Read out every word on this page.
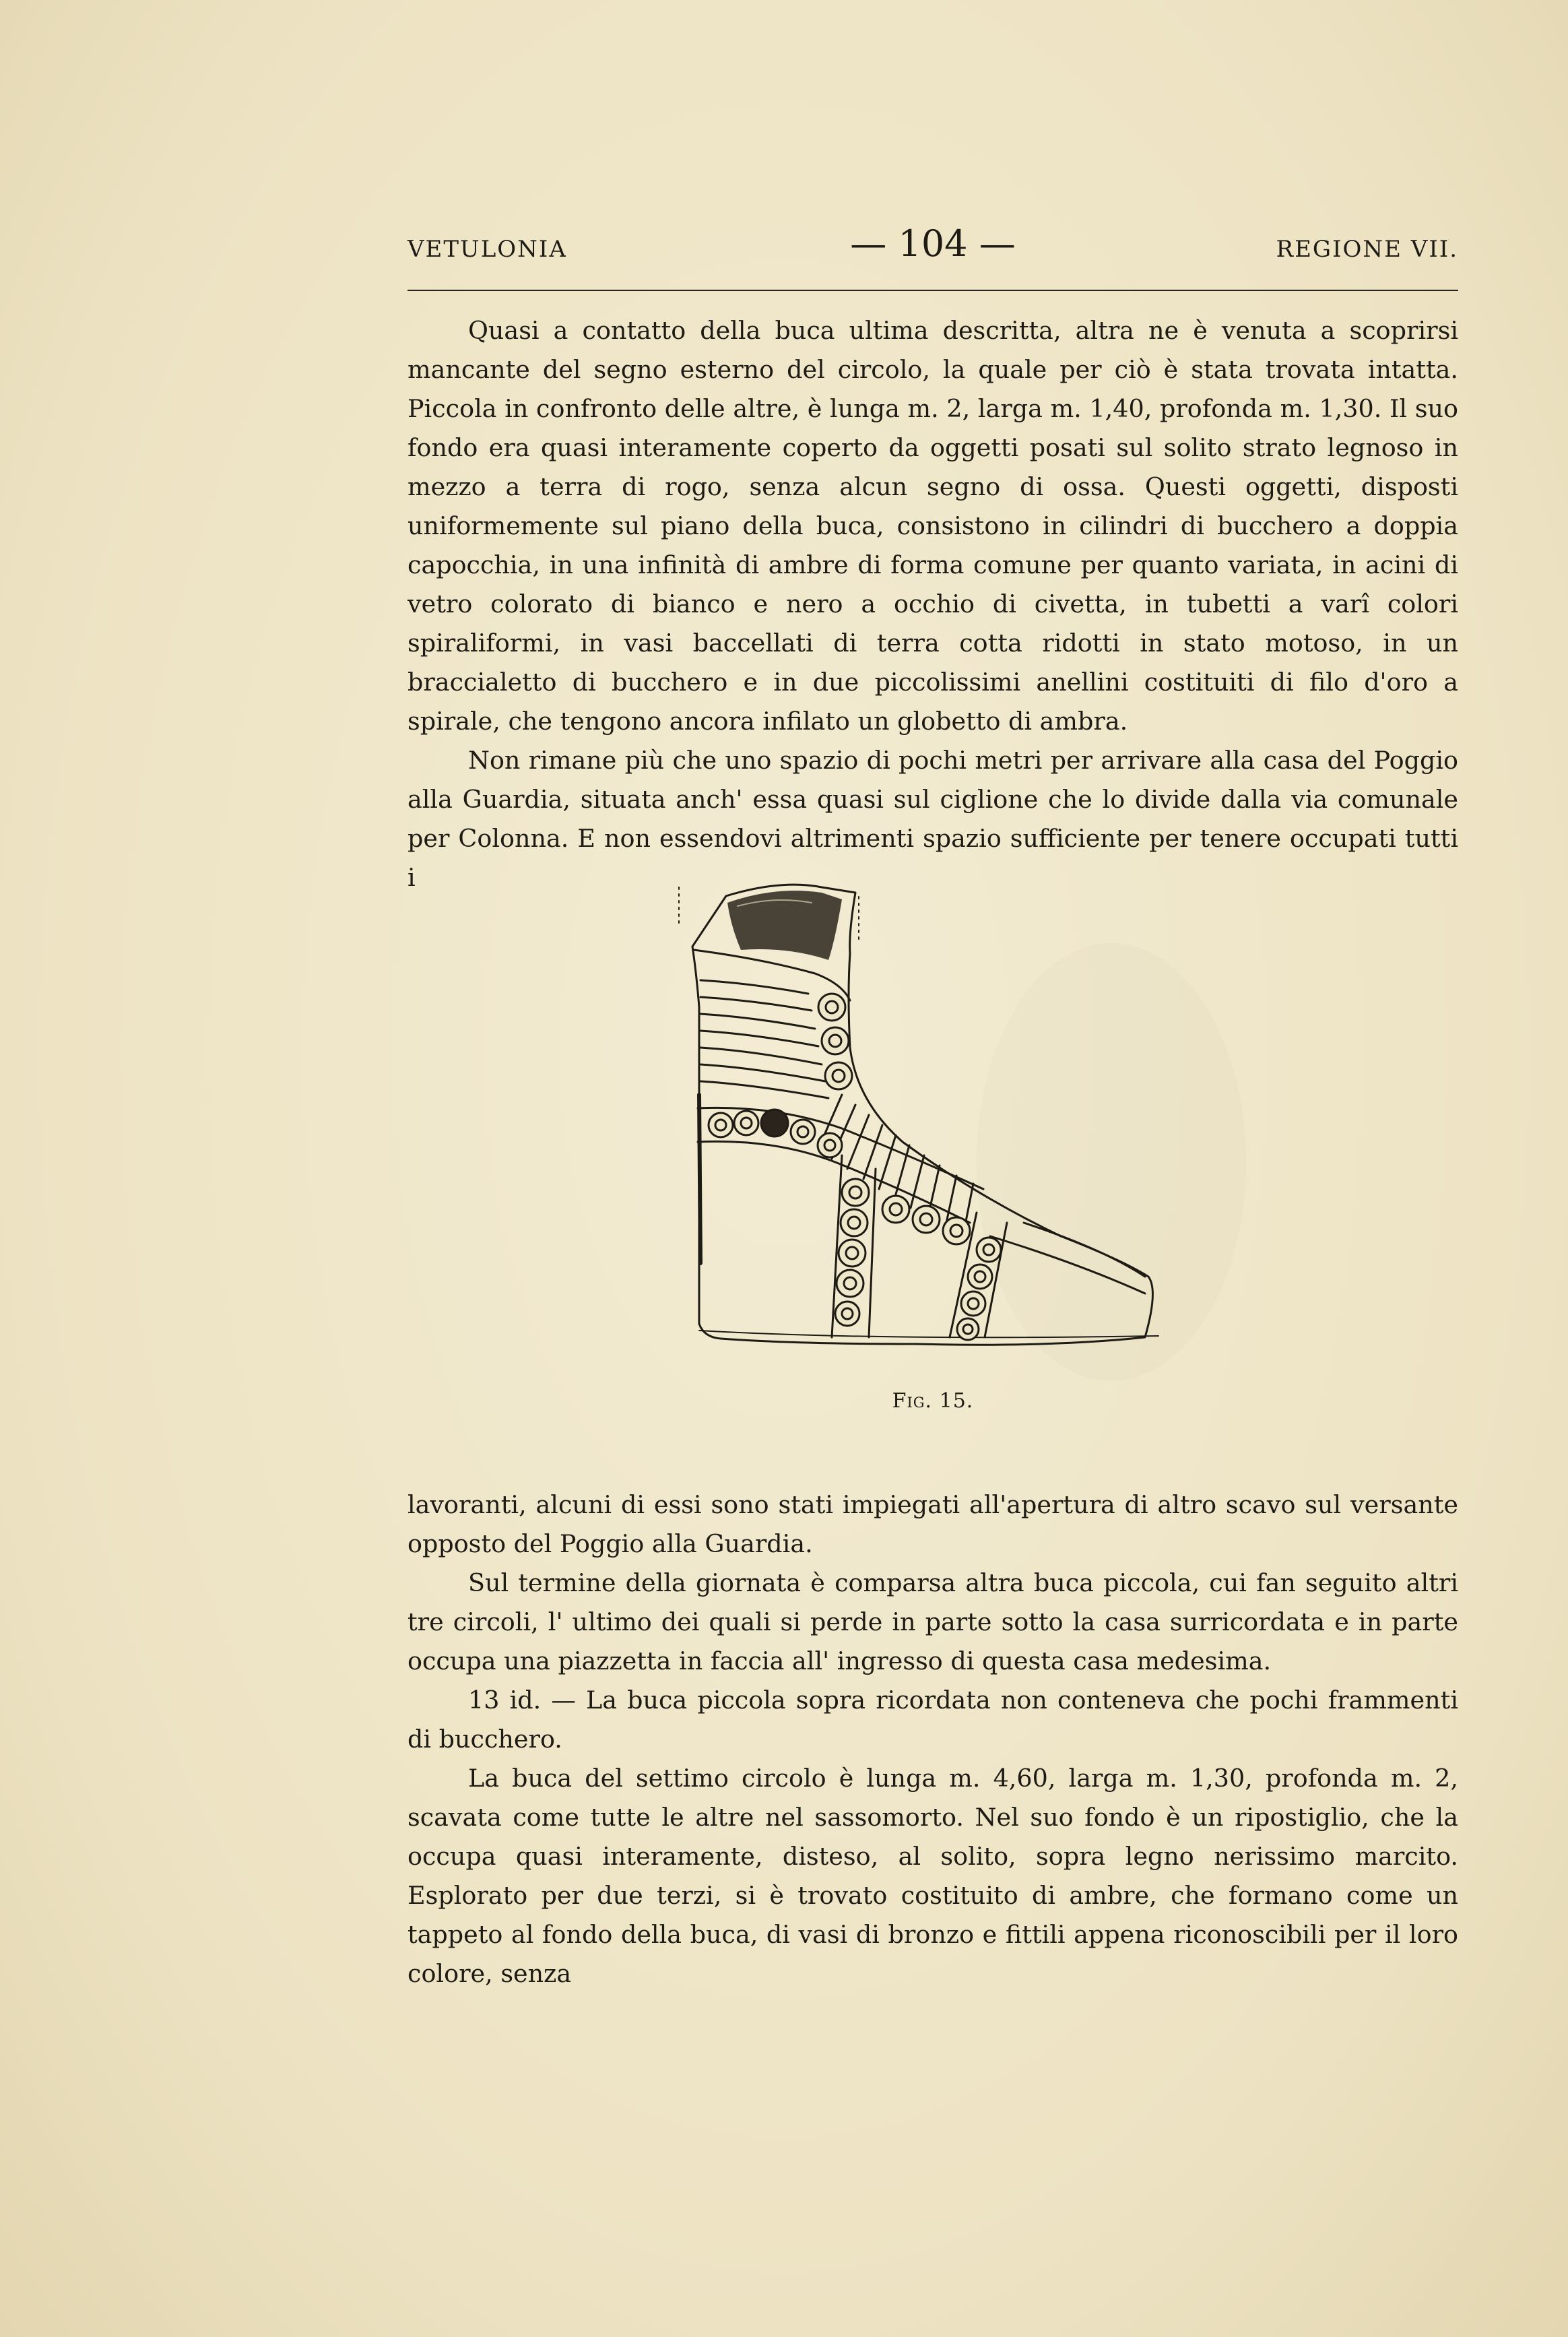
VETULONIA	— 104 —	REGIONE VII.

Quasi a contatto della buca ultima descritta, altra ne è venuta a scoprirsi mancante del segno esterno del circolo, la quale per ciò è stata trovata intatta. Piccola in confronto delle altre, è lunga m. 2, larga m. 1,40, profonda m. 1,30. Il suo fondo era quasi interamente coperto da oggetti posati sul solito strato legnoso in mezzo a terra di rogo, senza alcun segno di ossa. Questi oggetti, disposti uniformemente sul piano della buca, consistono in cilindri di bucchero a doppia capocchia, in una infinità di ambre di forma comune per quanto variata, in acini di vetro colorato di bianco e nero a occhio di civetta, in tubetti a varî colori spiraliformi, in vasi baccellati di terra cotta ridotti in stato motoso, in un braccialetto di bucchero e in due piccolissimi anellini costituiti di filo d'oro a spirale, che tengono ancora infilato un globetto di ambra.

Non rimane più che uno spazio di pochi metri per arrivare alla casa del Poggio alla Guardia, situata anch' essa quasi sul ciglione che lo divide dalla via comunale per Colonna. E non essendovi altrimenti spazio sufficiente per tenere occupati tutti i

Fig. 15.

lavoranti, alcuni di essi sono stati impiegati all'apertura di altro scavo sul versante opposto del Poggio alla Guardia.

Sul termine della giornata è comparsa altra buca piccola, cui fan seguito altri tre circoli, l' ultimo dei quali si perde in parte sotto la casa surricordata e in parte occupa una piazzetta in faccia all' ingresso di questa casa medesima.

13 id. — La buca piccola sopra ricordata non conteneva che pochi frammenti di bucchero.

La buca del settimo circolo è lunga m. 4,60, larga m. 1,30, profonda m. 2, scavata come tutte le altre nel sassomorto. Nel suo fondo è un ripostiglio, che la occupa quasi interamente, disteso, al solito, sopra legno nerissimo marcito. Esplorato per due terzi, si è trovato costituito di ambre, che formano come un tappeto al fondo della buca, di vasi di bronzo e fittili appena riconoscibili per il loro colore, senza
